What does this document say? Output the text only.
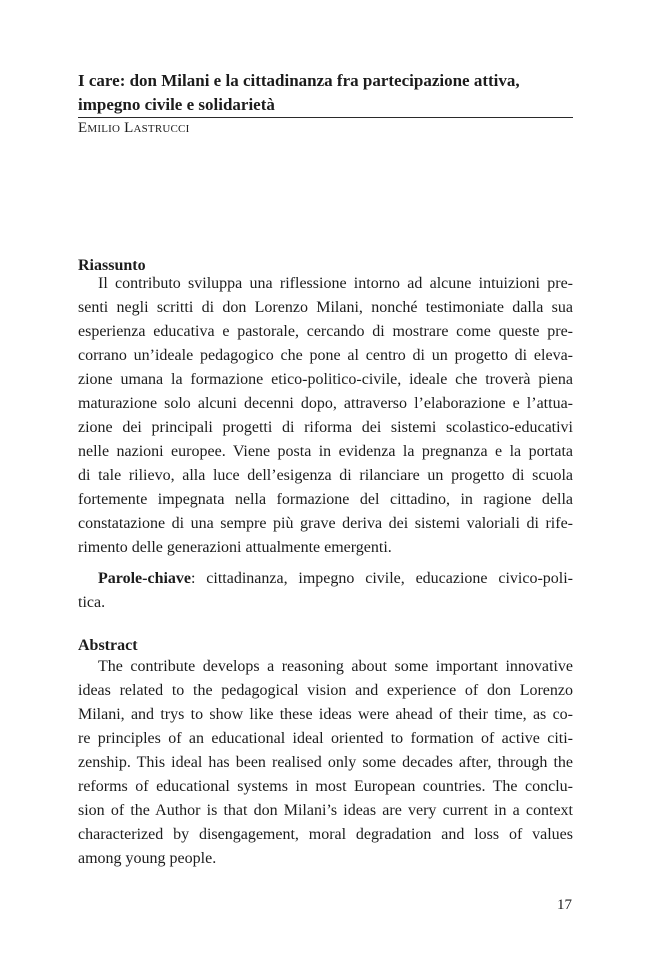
I care: don Milani e la cittadinanza fra partecipazione attiva,
impegno civile e solidarietà

Emilio Lastrucci

Riassunto
Il contributo sviluppa una riflessione intorno ad alcune intuizioni pre-
senti negli scritti di don Lorenzo Milani, nonché testimoniate dalla sua
esperienza educativa e pastorale, cercando di mostrare come queste pre-
corrano un’ideale pedagogico che pone al centro di un progetto di eleva-
zione umana la formazione etico-politico-civile, ideale che troverà piena
maturazione solo alcuni decenni dopo, attraverso l’elaborazione e l’attua-
zione dei principali progetti di riforma dei sistemi scolastico-educativi
nelle nazioni europee. Viene posta in evidenza la pregnanza e la portata
di tale rilievo, alla luce dell’esigenza di rilanciare un progetto di scuola
fortemente impegnata nella formazione del cittadino, in ragione della
constatazione di una sempre più grave deriva dei sistemi valoriali di rife-
rimento delle generazioni attualmente emergenti.
Parole-chiave: cittadinanza, impegno civile, educazione civico-poli-
tica.
Abstract
The contribute develops a reasoning about some important innovative
ideas related to the pedagogical vision and experience of don Lorenzo
Milani, and trys to show like these ideas were ahead of their time, as co-
re principles of an educational ideal oriented to formation of active citi-
zenship. This ideal has been realised only some decades after, through the
reforms of educational systems in most European countries. The conclu-
sion of the Author is that don Milani’s ideas are very current in a context
characterized by disengagement, moral degradation and loss of values
among young people.

17
